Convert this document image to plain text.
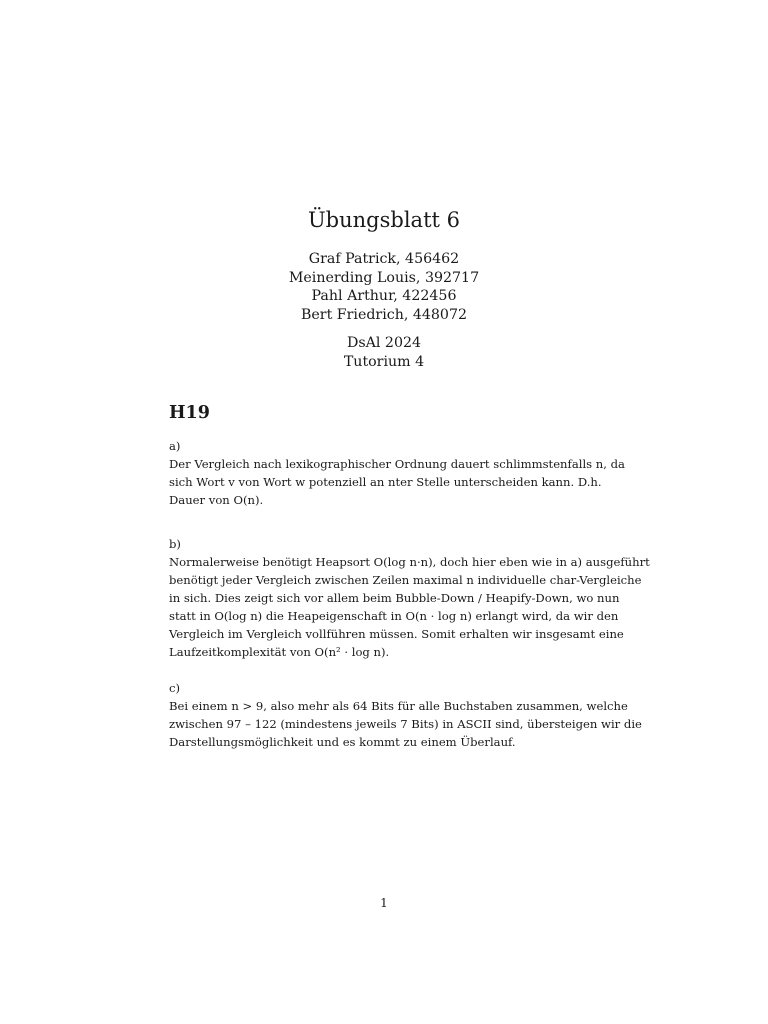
Übungsblatt 6
Graf Patrick, 456462
Meinerding Louis, 392717
Pahl Arthur, 422456
Bert Friedrich, 448072
DsAl 2024
Tutorium 4
H19
a)

Der Vergleich nach lexikographischer Ordnung dauert schlimmstenfalls n, da
sich Wort v von Wort w potenziell an nter Stelle unterscheiden kann. D.h.
Dauer von O(n).

b)

Normalerweise benötigt Heapsort O(log n·n), doch hier eben wie in a) ausgeführt
benötigt jeder Vergleich zwischen Zeilen maximal n individuelle char-Vergleiche
in sich. Dies zeigt sich vor allem beim Bubble-Down / Heapify-Down, wo nun
statt in O(log n) die Heapeigenschaft in O(n · log n) erlangt wird, da wir den
Vergleich im Vergleich vollführen müssen. Somit erhalten wir insgesamt eine
Laufzeitkomplexität von O(n² · log n).

c)

Bei einem n > 9, also mehr als 64 Bits für alle Buchstaben zusammen, welche
zwischen 97 – 122 (mindestens jeweils 7 Bits) in ASCII sind, übersteigen wir die
Darstellungsmöglichkeit und es kommt zu einem Überlauf.

1
